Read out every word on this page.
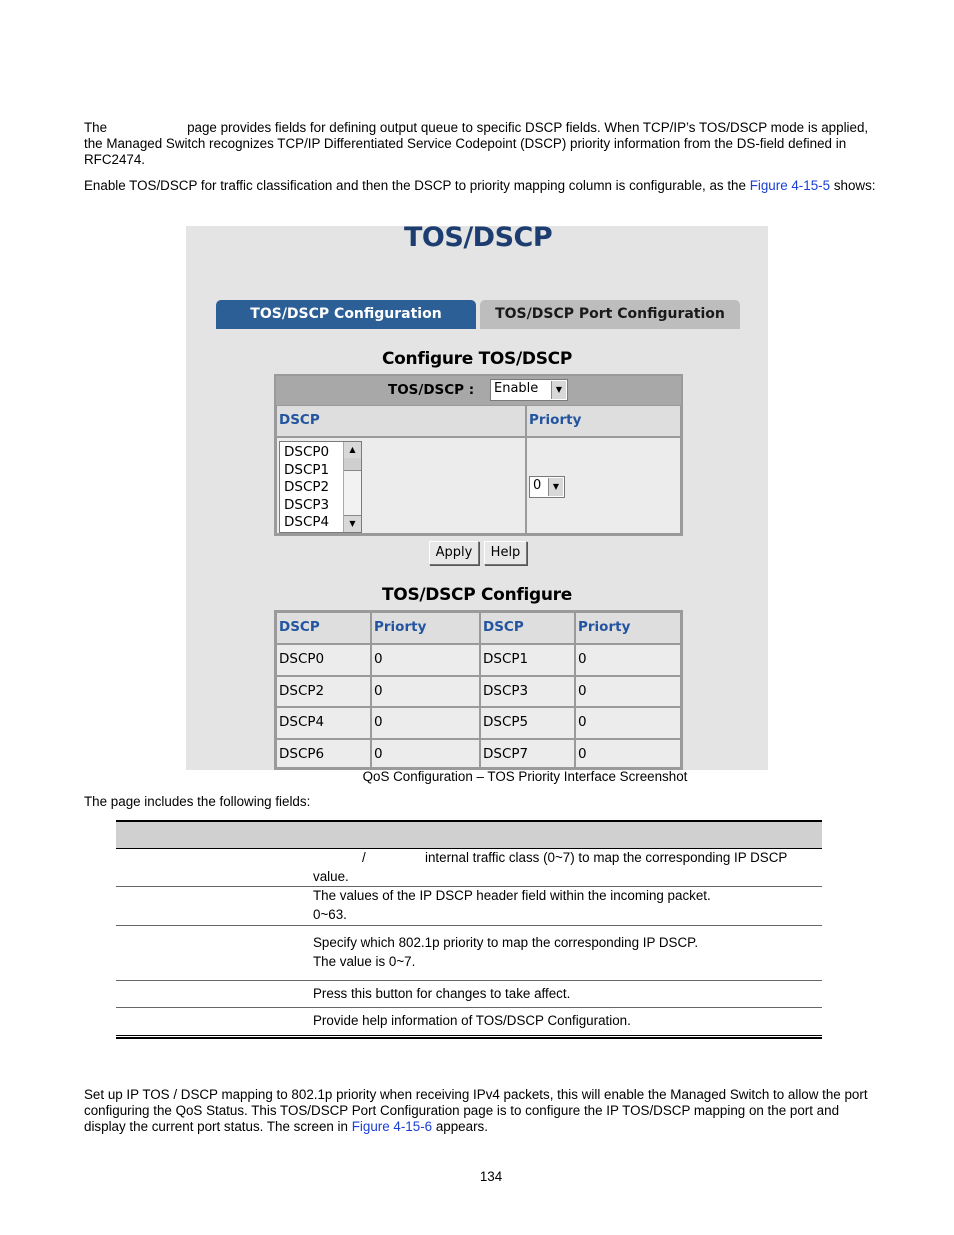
The	page provides fields for defining output queue to specific DSCP fields. When TCP/IP’s TOS/DSCP mode is applied, the Managed Switch recognizes TCP/IP Differentiated Service Codepoint (DSCP) priority information from the DS-field defined in RFC2474.
Enable TOS/DSCP for traffic classification and then the DSCP to priority mapping column is configurable, as the Figure 4-15-5 shows:
TOS/DSCP
TOS/DSCP Configuration	TOS/DSCP Port Configuration
Configure TOS/DSCP
TOS/DSCP :	Enable	▼
DSCP	Priorty
DSCP0
DSCP1
DSCP2
DSCP3
DSCP4
▲
▼
0	▼
Apply	Help
TOS/DSCP Configure
DSCP	Priorty	DSCP	Priorty
DSCP0	0	DSCP1	0
DSCP2	0	DSCP3	0
DSCP4	0	DSCP5	0
DSCP6	0	DSCP7	0
QoS Configuration – TOS Priority Interface Screenshot
The page includes the following fields:
/	internal traffic class (0~7) to map the corresponding IP DSCP
value.
The values of the IP DSCP header field within the incoming packet.
0~63.
Specify which 802.1p priority to map the corresponding IP DSCP.
The value is 0~7.
Press this button for changes to take affect.
Provide help information of TOS/DSCP Configuration.
Set up IP TOS / DSCP mapping to 802.1p priority when receiving IPv4 packets, this will enable the Managed Switch to allow the port configuring the QoS Status. This TOS/DSCP Port Configuration page is to configure the IP TOS/DSCP mapping on the port and display the current port status. The screen in Figure 4-15-6 appears.
134
